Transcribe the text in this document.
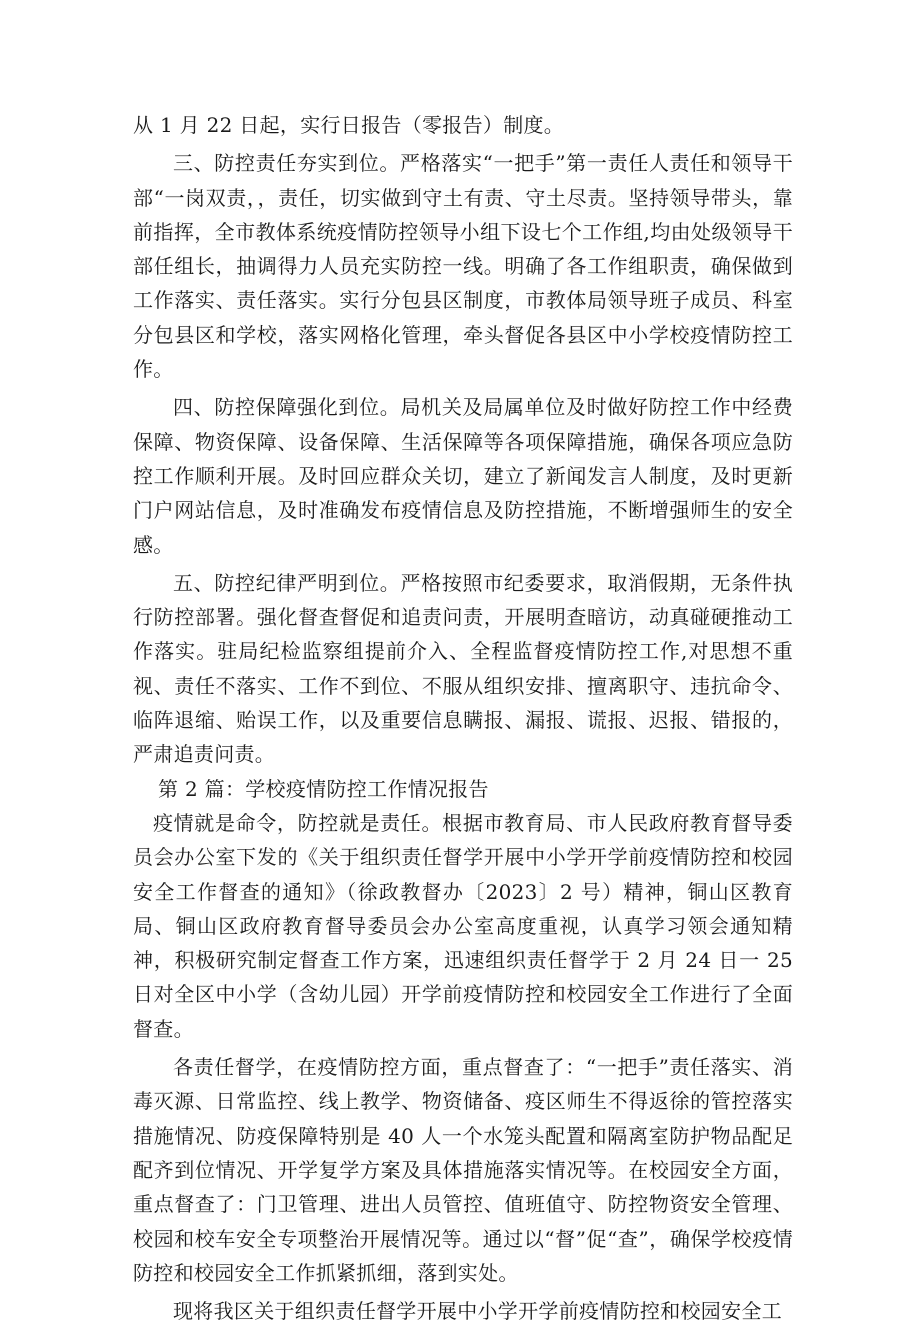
从 1 月 22 日起，实行日报告（零报告）制度。

三、防控责任夯实到位。严格落实“一把手”第一责任人责任和领导干部“一岗双责，，责任，切实做到守土有责、守土尽责。坚持领导带头，靠前指挥，全市教体系统疫情防控领导小组下设七个工作组,均由处级领导干部任组长，抽调得力人员充实防控一线。明确了各工作组职责，确保做到工作落实、责任落实。实行分包县区制度，市教体局领导班子成员、科室分包县区和学校，落实网格化管理，牵头督促各县区中小学校疫情防控工作。

四、防控保障强化到位。局机关及局属单位及时做好防控工作中经费保障、物资保障、设备保障、生活保障等各项保障措施，确保各项应急防控工作顺利开展。及时回应群众关切，建立了新闻发言人制度，及时更新门户网站信息，及时准确发布疫情信息及防控措施，不断增强师生的安全感。

五、防控纪律严明到位。严格按照市纪委要求，取消假期，无条件执行防控部署。强化督查督促和追责问责，开展明查暗访，动真碰硬推动工作落实。驻局纪检监察组提前介入、全程监督疫情防控工作,对思想不重视、责任不落实、工作不到位、不服从组织安排、擅离职守、违抗命令、临阵退缩、贻误工作，以及重要信息瞒报、漏报、谎报、迟报、错报的，严肃追责问责。

第 2 篇：学校疫情防控工作情况报告

疫情就是命令，防控就是责任。根据市教育局、市人民政府教育督导委员会办公室下发的《关于组织责任督学开展中小学开学前疫情防控和校园安全工作督查的通知》（徐政教督办〔2023〕2 号）精神，铜山区教育局、铜山区政府教育督导委员会办公室高度重视，认真学习领会通知精神，积极研究制定督查工作方案，迅速组织责任督学于 2 月 24 日一 25 日对全区中小学（含幼儿园）开学前疫情防控和校园安全工作进行了全面督查。

各责任督学，在疫情防控方面，重点督查了：“一把手”责任落实、消毒灭源、日常监控、线上教学、物资储备、疫区师生不得返徐的管控落实措施情况、防疫保障特别是 40 人一个水笼头配置和隔离室防护物品配足配齐到位情况、开学复学方案及具体措施落实情况等。在校园安全方面，重点督查了：门卫管理、进出人员管控、值班值守、防控物资安全管理、校园和校车安全专项整治开展情况等。通过以“督”促“查”，确保学校疫情防控和校园安全工作抓紧抓细，落到实处。

现将我区关于组织责任督学开展中小学开学前疫情防控和校园安全工
